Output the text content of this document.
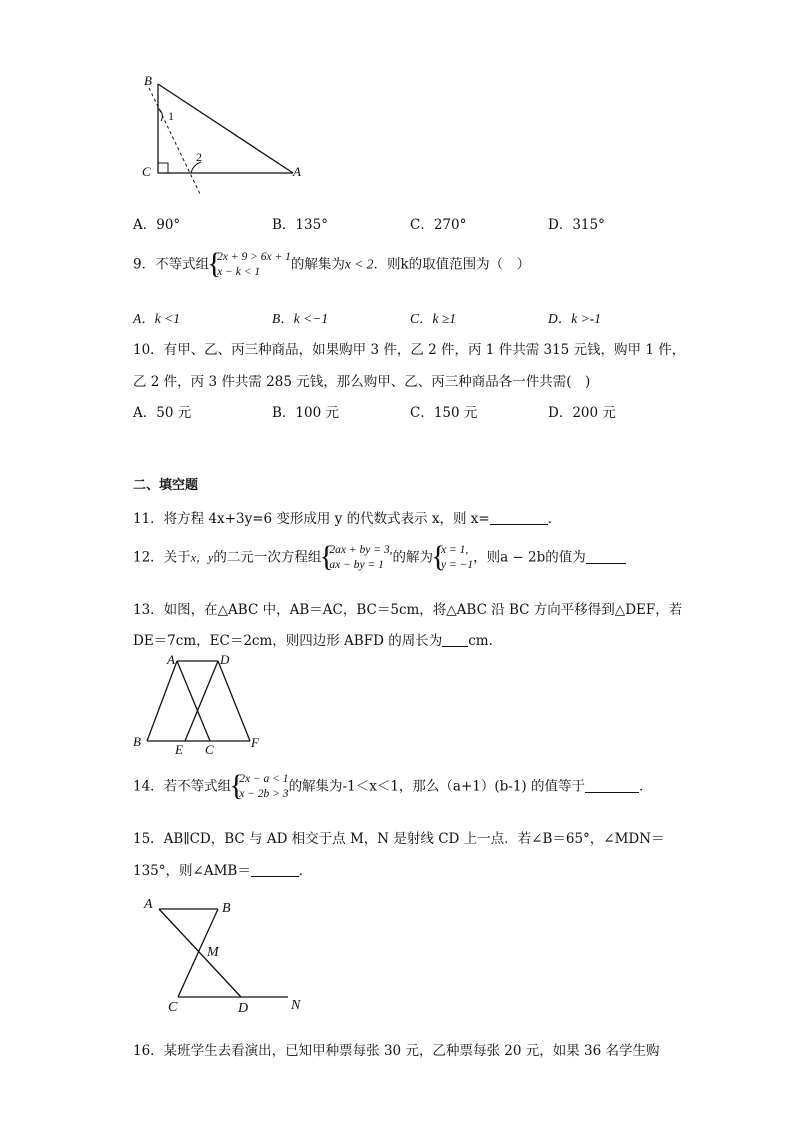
B
C	A
1
2
A．90°	B．135°	C．270°	D．315°
9．不等式组 { 2x + 9 > 6x + 1
x − k < 1 的解集为x < 2．则k的取值范围为（　）
A．k <1	B．k <−1	C．k ≥1	D．k >-1
10．有甲、乙、丙三种商品，如果购甲 3 件，乙 2 件，丙 1 件共需 315 元钱，购甲 1 件，
乙 2 件，丙 3 件共需 285 元钱，那么购甲、乙、丙三种商品各一件共需(　)
A．50 元	B．100 元	C．150 元	D．200 元
二、填空题
11．将方程 4x+3y=6 变形成用 y 的代数式表示 x，则 x=	．
12．关于x，y的二元一次方程组 { 2ax + by = 3,
ax − by = 1 的解为 { x = 1,
y = −1，则a − 2b的值为
13．如图，在△ABC 中，AB＝AC，BC＝5cm，将△ABC 沿 BC 方向平移得到△DEF，若
DE＝7cm，EC＝2cm，则四边形 ABFD 的周长为 cm.
A	D
B
E C	F
14．若不等式组 { 2x − a < 1
x − 2b > 3的解集为-1＜x＜1，那么（a+1）(b-1) 的值等于	．
15．AB∥CD，BC 与 AD 相交于点 M，N 是射线 CD 上一点．若∠B＝65°，∠MDN＝
135°，则∠AMB＝	．
A	B
M
C	D	N
16．某班学生去看演出，已知甲种票每张 30 元，乙种票每张 20 元，如果 36 名学生购
